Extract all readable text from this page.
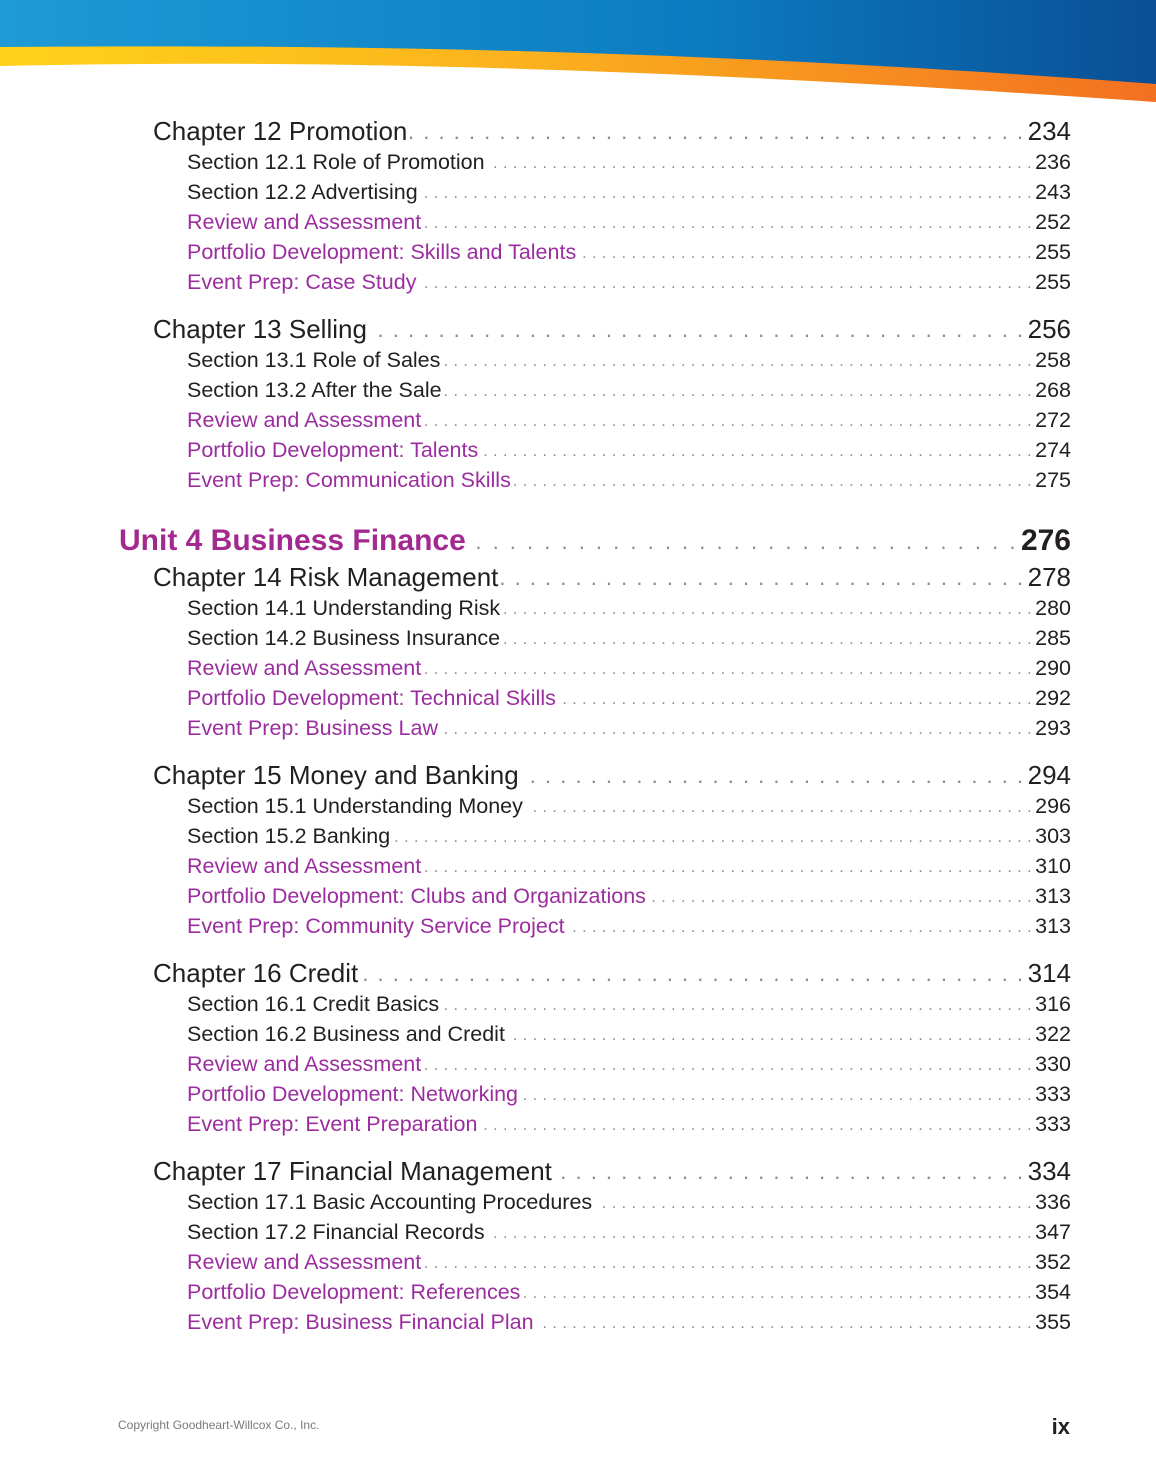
Chapter 12 Promotion . . .	234
Section 12.1 Role of Promotion . . .	236
Section 12.2 Advertising . . .	243
Review and Assessment . . .	252
Portfolio Development: Skills and Talents . . .	255
Event Prep: Case Study . . .	255
Chapter 13 Selling . . .	256
Section 13.1 Role of Sales . . .	258
Section 13.2 After the Sale . . .	268
Review and Assessment . . .	272
Portfolio Development: Talents . . .	274
Event Prep: Communication Skills . . .	275
Unit 4 Business Finance . . .	276
Chapter 14 Risk Management . . .	278
Section 14.1 Understanding Risk . . .	280
Section 14.2 Business Insurance . . .	285
Review and Assessment . . .	290
Portfolio Development: Technical Skills . . .	292
Event Prep: Business Law . . .	293
Chapter 15 Money and Banking . . .	294
Section 15.1 Understanding Money . . .	296
Section 15.2 Banking . . .	303
Review and Assessment . . .	310
Portfolio Development: Clubs and Organizations . . .	313
Event Prep: Community Service Project . . .	313
Chapter 16 Credit . . .	314
Section 16.1 Credit Basics . . .	316
Section 16.2 Business and Credit . . .	322
Review and Assessment . . .	330
Portfolio Development: Networking . . .	333
Event Prep: Event Preparation . . .	333
Chapter 17 Financial Management . . .	334
Section 17.1 Basic Accounting Procedures . . .	336
Section 17.2 Financial Records . . .	347
Review and Assessment . . .	352
Portfolio Development: References . . .	354
Event Prep: Business Financial Plan . . .	355
Copyright Goodheart-Willcox Co., Inc.	ix
